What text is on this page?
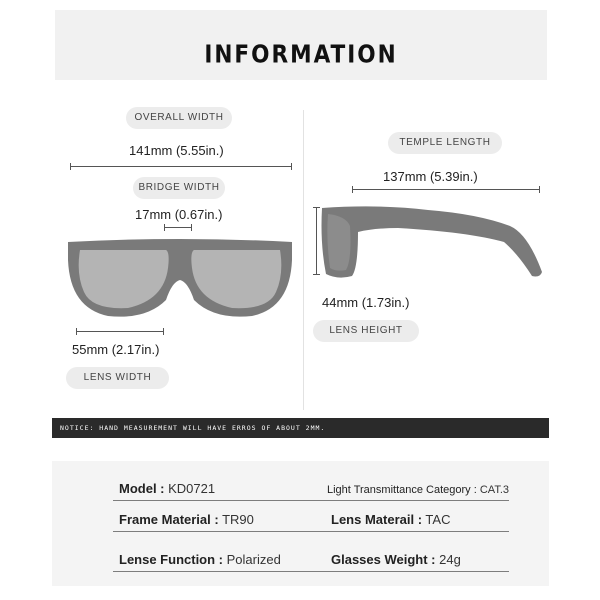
INFORMATION
OVERALL WIDTH
141mm (5.55in.)
BRIDGE WIDTH
17mm (0.67in.)
55mm (2.17in.)
LENS WIDTH
TEMPLE LENGTH
137mm (5.39in.)
44mm (1.73in.)
LENS HEIGHT
NOTICE: HAND MEASUREMENT WILL HAVE ERROS OF ABOUT 2MM.
Model : KD0721	Light Transmittance Category : CAT.3
Frame Material : TR90	Lens Materail : TAC
Lense Function : Polarized	Glasses Weight : 24g
